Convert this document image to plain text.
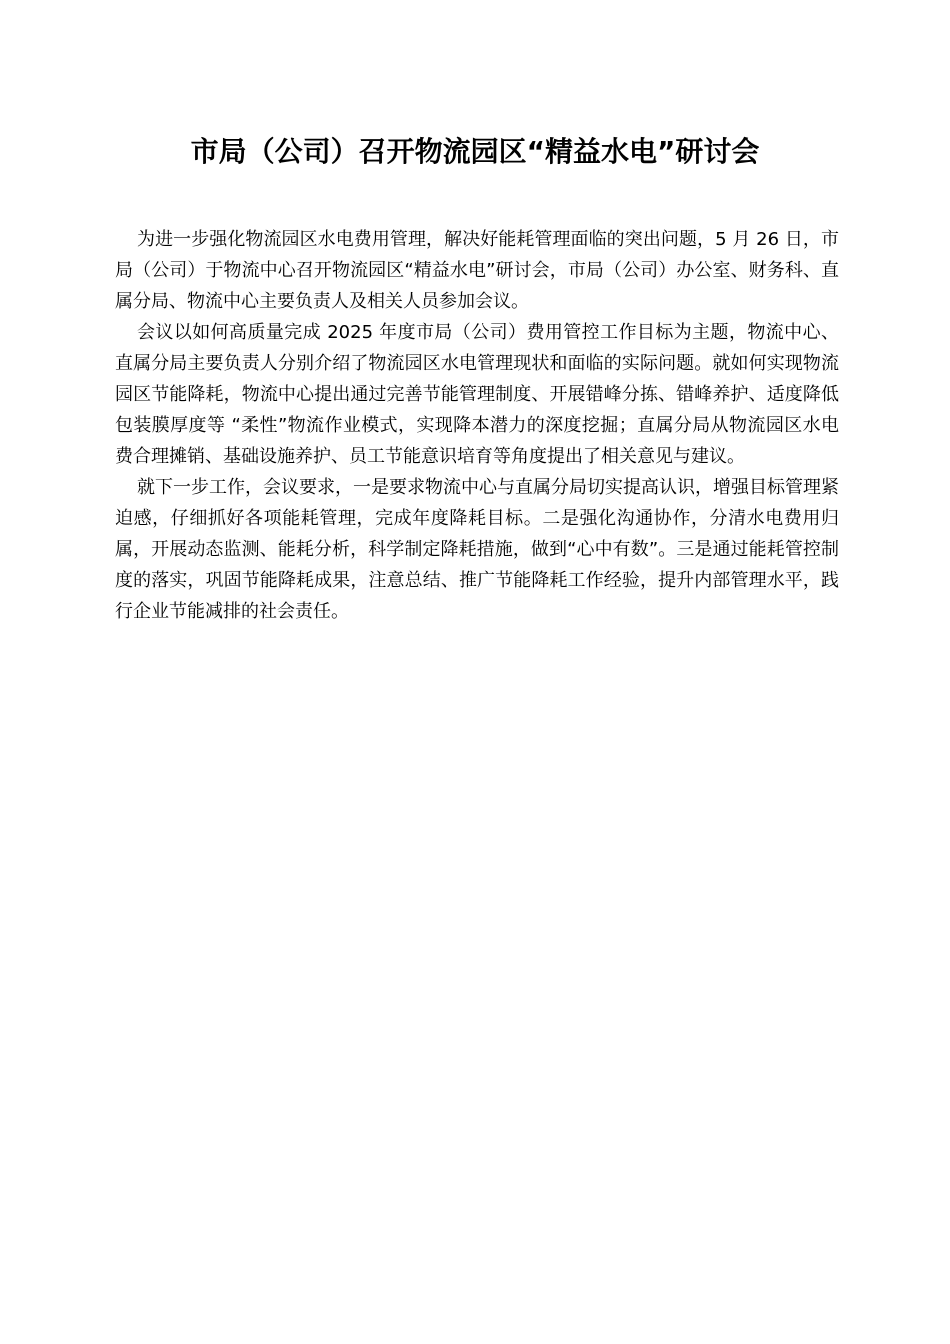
市局（公司）召开物流园区“精益水电”研讨会

为进一步强化物流园区水电费用管理，解决好能耗管理面临的突出问题，5 月 26 日，市局（公司）于物流中心召开物流园区“精益水电”研讨会，市局（公司）办公室、财务科、直属分局、物流中心主要负责人及相关人员参加会议。

会议以如何高质量完成 2025 年度市局（公司）费用管控工作目标为主题，物流中心、直属分局主要负责人分别介绍了物流园区水电管理现状和面临的实际问题。就如何实现物流园区节能降耗，物流中心提出通过完善节能管理制度、开展错峰分拣、错峰养护、适度降低包装膜厚度等 “柔性”物流作业模式，实现降本潜力的深度挖掘；直属分局从物流园区水电费合理摊销、基础设施养护、员工节能意识培育等角度提出了相关意见与建议。

就下一步工作，会议要求，一是要求物流中心与直属分局切实提高认识，增强目标管理紧迫感，仔细抓好各项能耗管理，完成年度降耗目标。二是强化沟通协作，分清水电费用归属，开展动态监测、能耗分析，科学制定降耗措施，做到“心中有数”。三是通过能耗管控制度的落实，巩固节能降耗成果，注意总结、推广节能降耗工作经验，提升内部管理水平，践行企业节能减排的社会责任。
